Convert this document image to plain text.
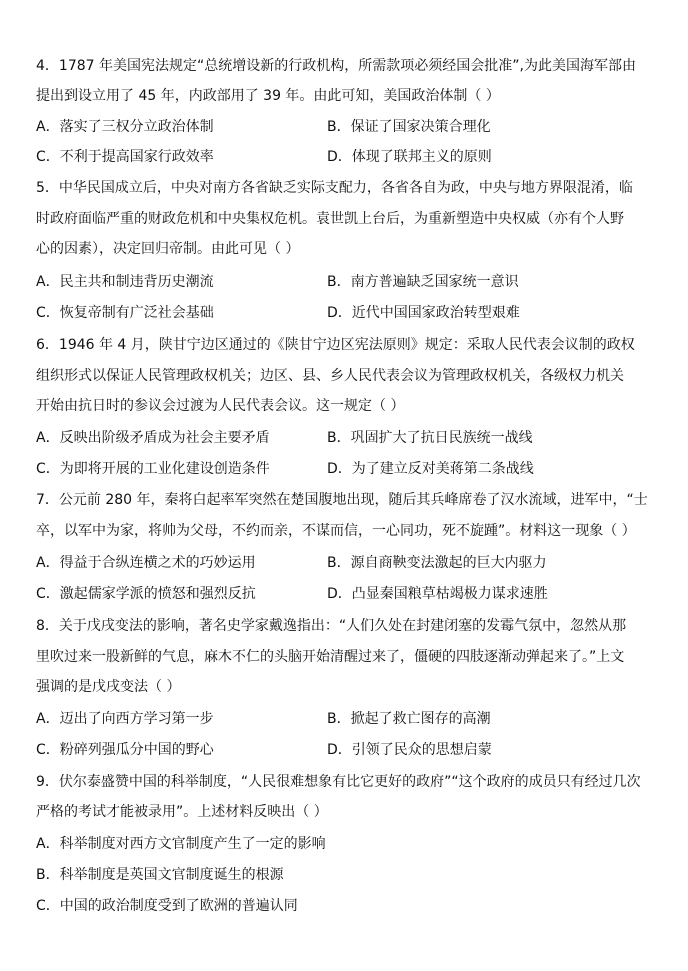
4．1787 年美国宪法规定“总统增设新的行政机构，所需款项必须经国会批准”,为此美国海军部由
提出到设立用了 45 年，内政部用了 39 年。由此可知，美国政治体制（ ）
A．落实了三权分立政治体制	B．保证了国家决策合理化
C．不利于提高国家行政效率	D．体现了联邦主义的原则
5．中华民国成立后，中央对南方各省缺乏实际支配力，各省各自为政，中央与地方界限混淆，临
时政府面临严重的财政危机和中央集权危机。袁世凯上台后，为重新塑造中央权威（亦有个人野
心的因素），决定回归帝制。由此可见（ ）
A．民主共和制违背历史潮流	B．南方普遍缺乏国家统一意识
C．恢复帝制有广泛社会基础	D．近代中国国家政治转型艰难
6．1946 年 4 月，陕甘宁边区通过的《陕甘宁边区宪法原则》规定：采取人民代表会议制的政权
组织形式以保证人民管理政权机关；边区、县、乡人民代表会议为管理政权机关，各级权力机关
开始由抗日时的参议会过渡为人民代表会议。这一规定（ ）
A．反映出阶级矛盾成为社会主要矛盾	B．巩固扩大了抗日民族统一战线
C．为即将开展的工业化建设创造条件	D．为了建立反对美蒋第二条战线
7．公元前 280 年，秦将白起率军突然在楚国腹地出现，随后其兵峰席卷了汉水流域，进军中，“士
卒，以军中为家，将帅为父母，不约而亲，不谋而信，一心同功，死不旋踵”。材料这一现象（ ）
A．得益于合纵连横之术的巧妙运用	B．源自商鞅变法激起的巨大内驱力
C．激起儒家学派的愤怒和强烈反抗	D．凸显秦国粮草枯竭极力谋求速胜
8．关于戊戌变法的影响，著名史学家戴逸指出：“人们久处在封建闭塞的发霉气氛中，忽然从那
里吹过来一股新鲜的气息，麻木不仁的头脑开始清醒过来了，僵硬的四肢逐渐动弹起来了。”上文
强调的是戊戌变法（ ）
A．迈出了向西方学习第一步	B．掀起了救亡图存的高潮
C．粉碎列强瓜分中国的野心	D．引领了民众的思想启蒙
9．伏尔泰盛赞中国的科举制度，“人民很难想象有比它更好的政府”“这个政府的成员只有经过几次
严格的考试才能被录用”。上述材料反映出（ ）
A．科举制度对西方文官制度产生了一定的影响
B．科举制度是英国文官制度诞生的根源
C．中国的政治制度受到了欧洲的普遍认同
